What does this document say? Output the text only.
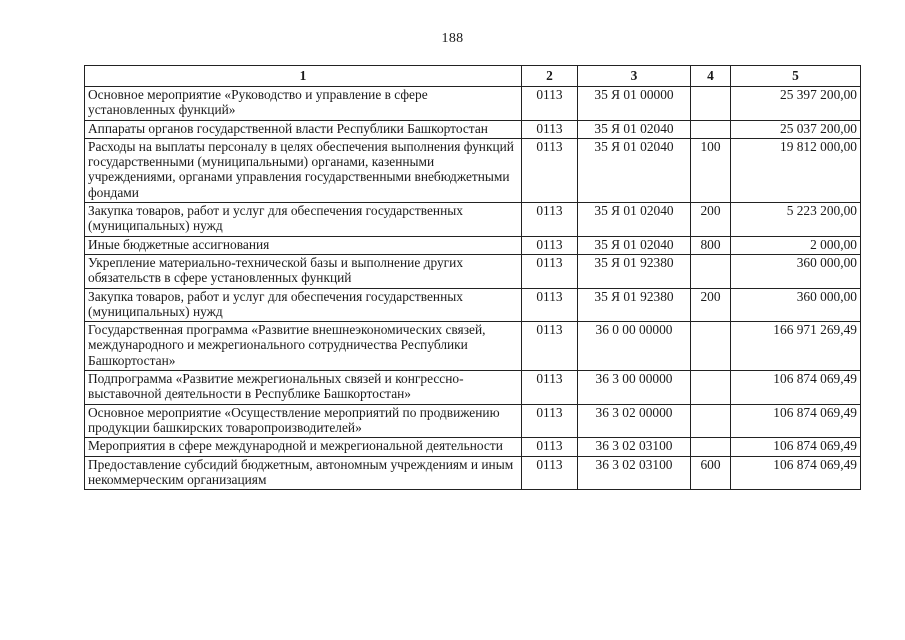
188
1	2	3	4	5
Основное мероприятие «Руководство и управление в сфере установленных функций»	0113	35 Я 01 00000		25 397 200,00
Аппараты органов государственной власти Республики Башкортостан	0113	35 Я 01 02040		25 037 200,00
Расходы на выплаты персоналу в целях обеспечения выполнения функций государственными (муниципальными) органами, казенными учреждениями, органами управления государственными внебюджетными фондами	0113	35 Я 01 02040	100	19 812 000,00
Закупка товаров, работ и услуг для обеспечения государственных (муниципальных) нужд	0113	35 Я 01 02040	200	5 223 200,00
Иные бюджетные ассигнования	0113	35 Я 01 02040	800	2 000,00
Укрепление материально-технической базы и выполнение других обязательств в сфере установленных функций	0113	35 Я 01 92380		360 000,00
Закупка товаров, работ и услуг для обеспечения государственных (муниципальных) нужд	0113	35 Я 01 92380	200	360 000,00
Государственная программа «Развитие внешнеэкономических связей, международного и межрегионального сотрудничества Республики Башкортостан»	0113	36 0 00 00000		166 971 269,49
Подпрограмма «Развитие межрегиональных связей и конгрессно-выставочной деятельности в Республике Башкортостан»	0113	36 3 00 00000		106 874 069,49
Основное мероприятие «Осуществление мероприятий по продвижению продукции башкирских товаропроизводителей»	0113	36 3 02 00000		106 874 069,49
Мероприятия в сфере международной и межрегиональной деятельности	0113	36 3 02 03100		106 874 069,49
Предоставление субсидий бюджетным, автономным учреждениям и иным некоммерческим организациям	0113	36 3 02 03100	600	106 874 069,49
